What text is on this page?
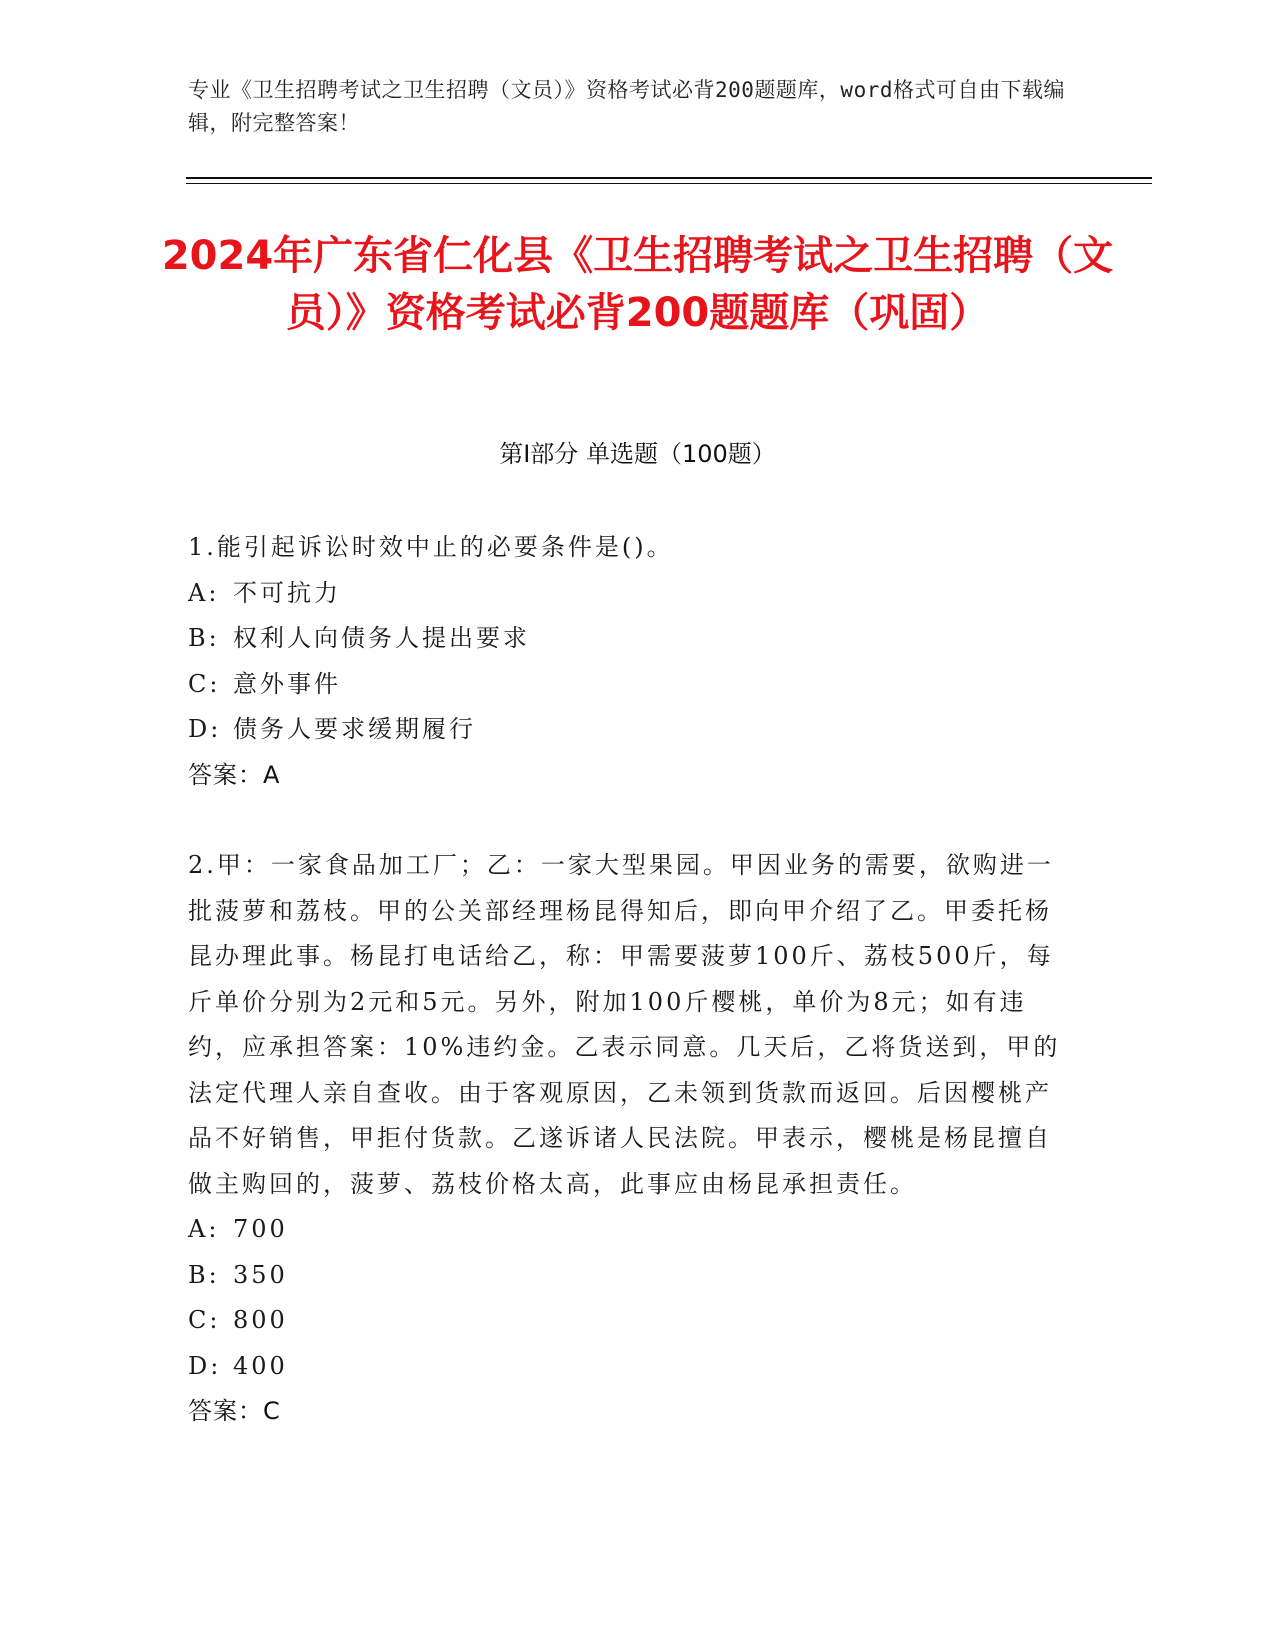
专业《卫生招聘考试之卫生招聘（文员）》资格考试必背200题题库，word格式可自由下载编辑，附完整答案！
2024年广东省仁化县《卫生招聘考试之卫生招聘（文员）》资格考试必背200题题库（巩固）
第Ⅰ部分 单选题（100题）

1.能引起诉讼时效中止的必要条件是()。

A: 不可抗力
B: 权利人向债务人提出要求
C: 意外事件
D: 债务人要求缓期履行
答案：A

2.甲：一家食品加工厂；乙：一家大型果园。甲因业务的需要，欲购进一批菠萝和荔枝。甲的公关部经理杨昆得知后，即向甲介绍了乙。甲委托杨昆办理此事。杨昆打电话给乙，称：甲需要菠萝100斤、荔枝500斤，每斤单价分别为2元和5元。另外，附加100斤樱桃，单价为8元；如有违约，应承担答案：10%违约金。乙表示同意。几天后，乙将货送到，甲的法定代理人亲自查收。由于客观原因，乙未领到货款而返回。后因樱桃产品不好销售，甲拒付货款。乙遂诉诸人民法院。甲表示，樱桃是杨昆擅自做主购回的，菠萝、荔枝价格太高，此事应由杨昆承担责任。

A: 700
B: 350
C: 800
D: 400
答案：C
